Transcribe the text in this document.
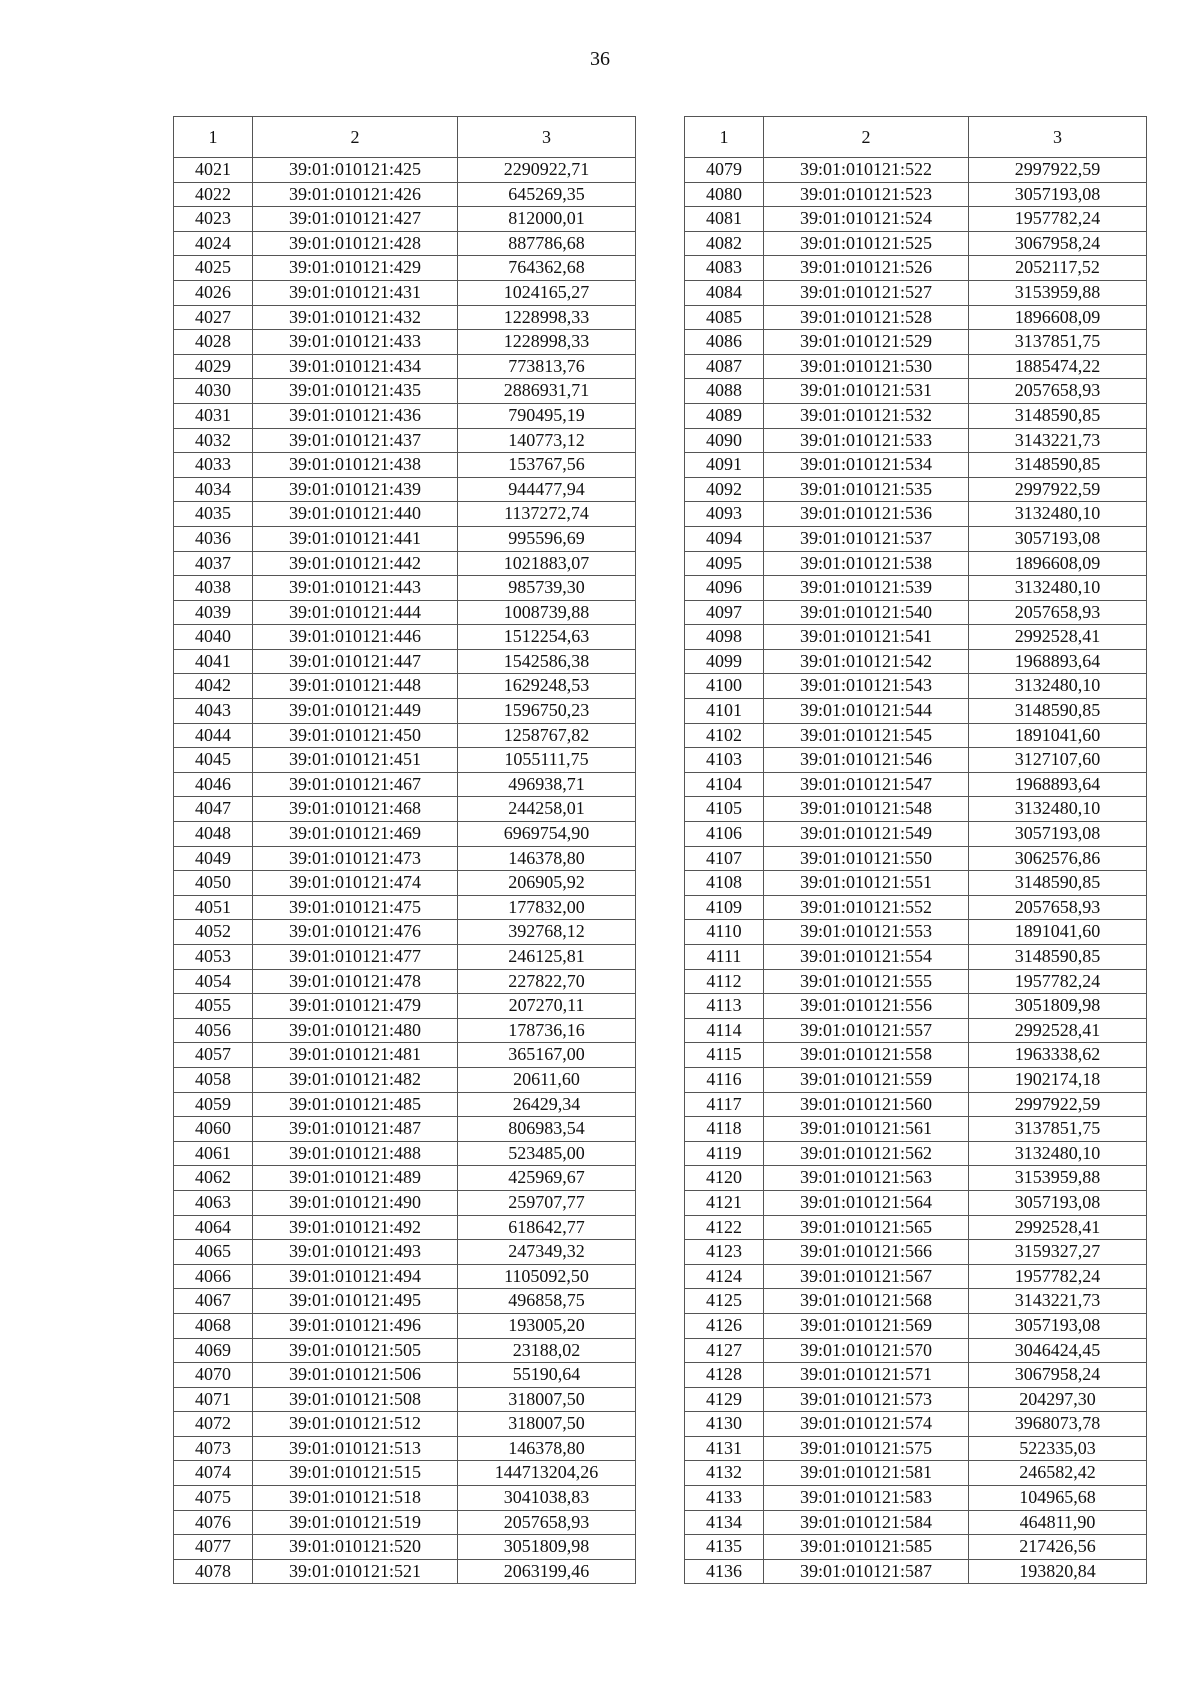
36
1	2	3
4021	39:01:010121:425	2290922,71
4022	39:01:010121:426	645269,35
4023	39:01:010121:427	812000,01
4024	39:01:010121:428	887786,68
4025	39:01:010121:429	764362,68
4026	39:01:010121:431	1024165,27
4027	39:01:010121:432	1228998,33
4028	39:01:010121:433	1228998,33
4029	39:01:010121:434	773813,76
4030	39:01:010121:435	2886931,71
4031	39:01:010121:436	790495,19
4032	39:01:010121:437	140773,12
4033	39:01:010121:438	153767,56
4034	39:01:010121:439	944477,94
4035	39:01:010121:440	1137272,74
4036	39:01:010121:441	995596,69
4037	39:01:010121:442	1021883,07
4038	39:01:010121:443	985739,30
4039	39:01:010121:444	1008739,88
4040	39:01:010121:446	1512254,63
4041	39:01:010121:447	1542586,38
4042	39:01:010121:448	1629248,53
4043	39:01:010121:449	1596750,23
4044	39:01:010121:450	1258767,82
4045	39:01:010121:451	1055111,75
4046	39:01:010121:467	496938,71
4047	39:01:010121:468	244258,01
4048	39:01:010121:469	6969754,90
4049	39:01:010121:473	146378,80
4050	39:01:010121:474	206905,92
4051	39:01:010121:475	177832,00
4052	39:01:010121:476	392768,12
4053	39:01:010121:477	246125,81
4054	39:01:010121:478	227822,70
4055	39:01:010121:479	207270,11
4056	39:01:010121:480	178736,16
4057	39:01:010121:481	365167,00
4058	39:01:010121:482	20611,60
4059	39:01:010121:485	26429,34
4060	39:01:010121:487	806983,54
4061	39:01:010121:488	523485,00
4062	39:01:010121:489	425969,67
4063	39:01:010121:490	259707,77
4064	39:01:010121:492	618642,77
4065	39:01:010121:493	247349,32
4066	39:01:010121:494	1105092,50
4067	39:01:010121:495	496858,75
4068	39:01:010121:496	193005,20
4069	39:01:010121:505	23188,02
4070	39:01:010121:506	55190,64
4071	39:01:010121:508	318007,50
4072	39:01:010121:512	318007,50
4073	39:01:010121:513	146378,80
4074	39:01:010121:515	144713204,26
4075	39:01:010121:518	3041038,83
4076	39:01:010121:519	2057658,93
4077	39:01:010121:520	3051809,98
4078	39:01:010121:521	2063199,46
1	2	3
4079	39:01:010121:522	2997922,59
4080	39:01:010121:523	3057193,08
4081	39:01:010121:524	1957782,24
4082	39:01:010121:525	3067958,24
4083	39:01:010121:526	2052117,52
4084	39:01:010121:527	3153959,88
4085	39:01:010121:528	1896608,09
4086	39:01:010121:529	3137851,75
4087	39:01:010121:530	1885474,22
4088	39:01:010121:531	2057658,93
4089	39:01:010121:532	3148590,85
4090	39:01:010121:533	3143221,73
4091	39:01:010121:534	3148590,85
4092	39:01:010121:535	2997922,59
4093	39:01:010121:536	3132480,10
4094	39:01:010121:537	3057193,08
4095	39:01:010121:538	1896608,09
4096	39:01:010121:539	3132480,10
4097	39:01:010121:540	2057658,93
4098	39:01:010121:541	2992528,41
4099	39:01:010121:542	1968893,64
4100	39:01:010121:543	3132480,10
4101	39:01:010121:544	3148590,85
4102	39:01:010121:545	1891041,60
4103	39:01:010121:546	3127107,60
4104	39:01:010121:547	1968893,64
4105	39:01:010121:548	3132480,10
4106	39:01:010121:549	3057193,08
4107	39:01:010121:550	3062576,86
4108	39:01:010121:551	3148590,85
4109	39:01:010121:552	2057658,93
4110	39:01:010121:553	1891041,60
4111	39:01:010121:554	3148590,85
4112	39:01:010121:555	1957782,24
4113	39:01:010121:556	3051809,98
4114	39:01:010121:557	2992528,41
4115	39:01:010121:558	1963338,62
4116	39:01:010121:559	1902174,18
4117	39:01:010121:560	2997922,59
4118	39:01:010121:561	3137851,75
4119	39:01:010121:562	3132480,10
4120	39:01:010121:563	3153959,88
4121	39:01:010121:564	3057193,08
4122	39:01:010121:565	2992528,41
4123	39:01:010121:566	3159327,27
4124	39:01:010121:567	1957782,24
4125	39:01:010121:568	3143221,73
4126	39:01:010121:569	3057193,08
4127	39:01:010121:570	3046424,45
4128	39:01:010121:571	3067958,24
4129	39:01:010121:573	204297,30
4130	39:01:010121:574	3968073,78
4131	39:01:010121:575	522335,03
4132	39:01:010121:581	246582,42
4133	39:01:010121:583	104965,68
4134	39:01:010121:584	464811,90
4135	39:01:010121:585	217426,56
4136	39:01:010121:587	193820,84
